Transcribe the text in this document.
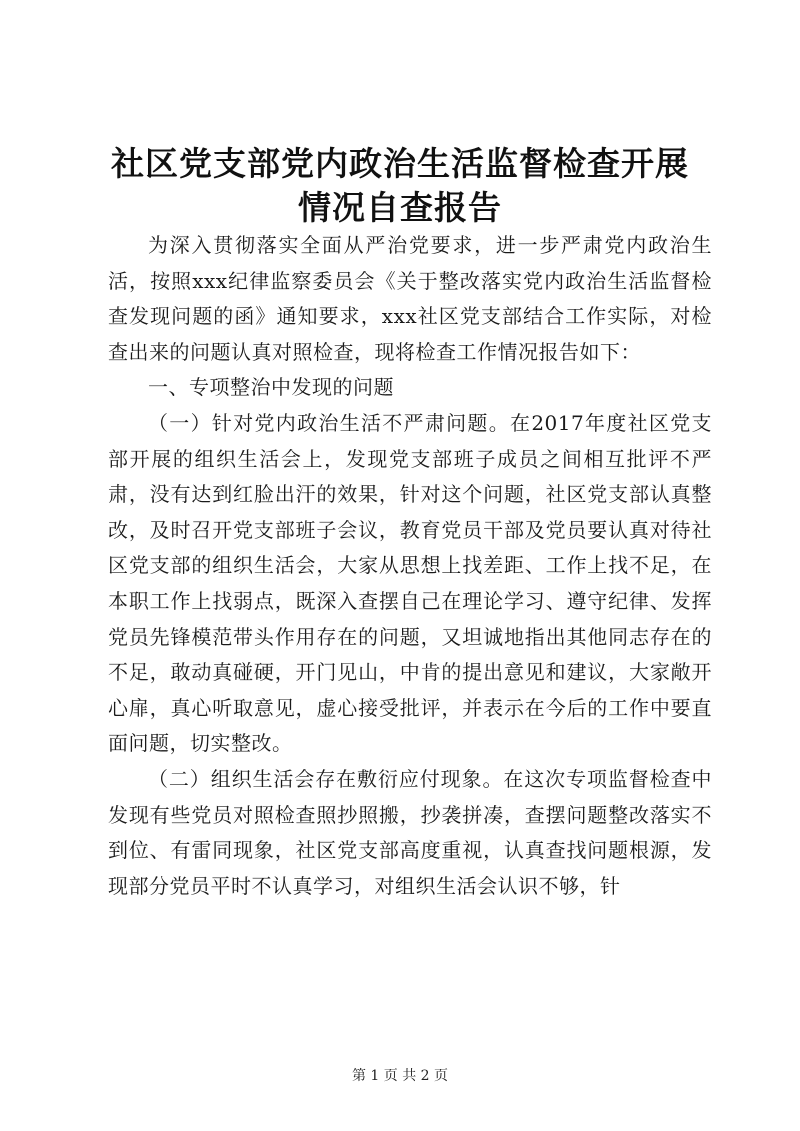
社区党支部党内政治生活监督检查开展情况自查报告

为深入贯彻落实全面从严治党要求，进一步严肃党内政治生活，按照xxx纪律监察委员会《关于整改落实党内政治生活监督检查发现问题的函》通知要求，xxx社区党支部结合工作实际，对检查出来的问题认真对照检查，现将检查工作情况报告如下：

一、专项整治中发现的问题

（一）针对党内政治生活不严肃问题。在2017年度社区党支部开展的组织生活会上，发现党支部班子成员之间相互批评不严肃，没有达到红脸出汗的效果，针对这个问题，社区党支部认真整改，及时召开党支部班子会议，教育党员干部及党员要认真对待社区党支部的组织生活会，大家从思想上找差距、工作上找不足，在本职工作上找弱点，既深入查摆自己在理论学习、遵守纪律、发挥党员先锋模范带头作用存在的问题，又坦诚地指出其他同志存在的不足，敢动真碰硬，开门见山，中肯的提出意见和建议，大家敞开心扉，真心听取意见，虚心接受批评，并表示在今后的工作中要直面问题，切实整改。

（二）组织生活会存在敷衍应付现象。在这次专项监督检查中发现有些党员对照检查照抄照搬，抄袭拼凑，查摆问题整改落实不到位、有雷同现象，社区党支部高度重视，认真查找问题根源，发现部分党员平时不认真学习，对组织生活会认识不够，针

第 1 页 共 2 页
